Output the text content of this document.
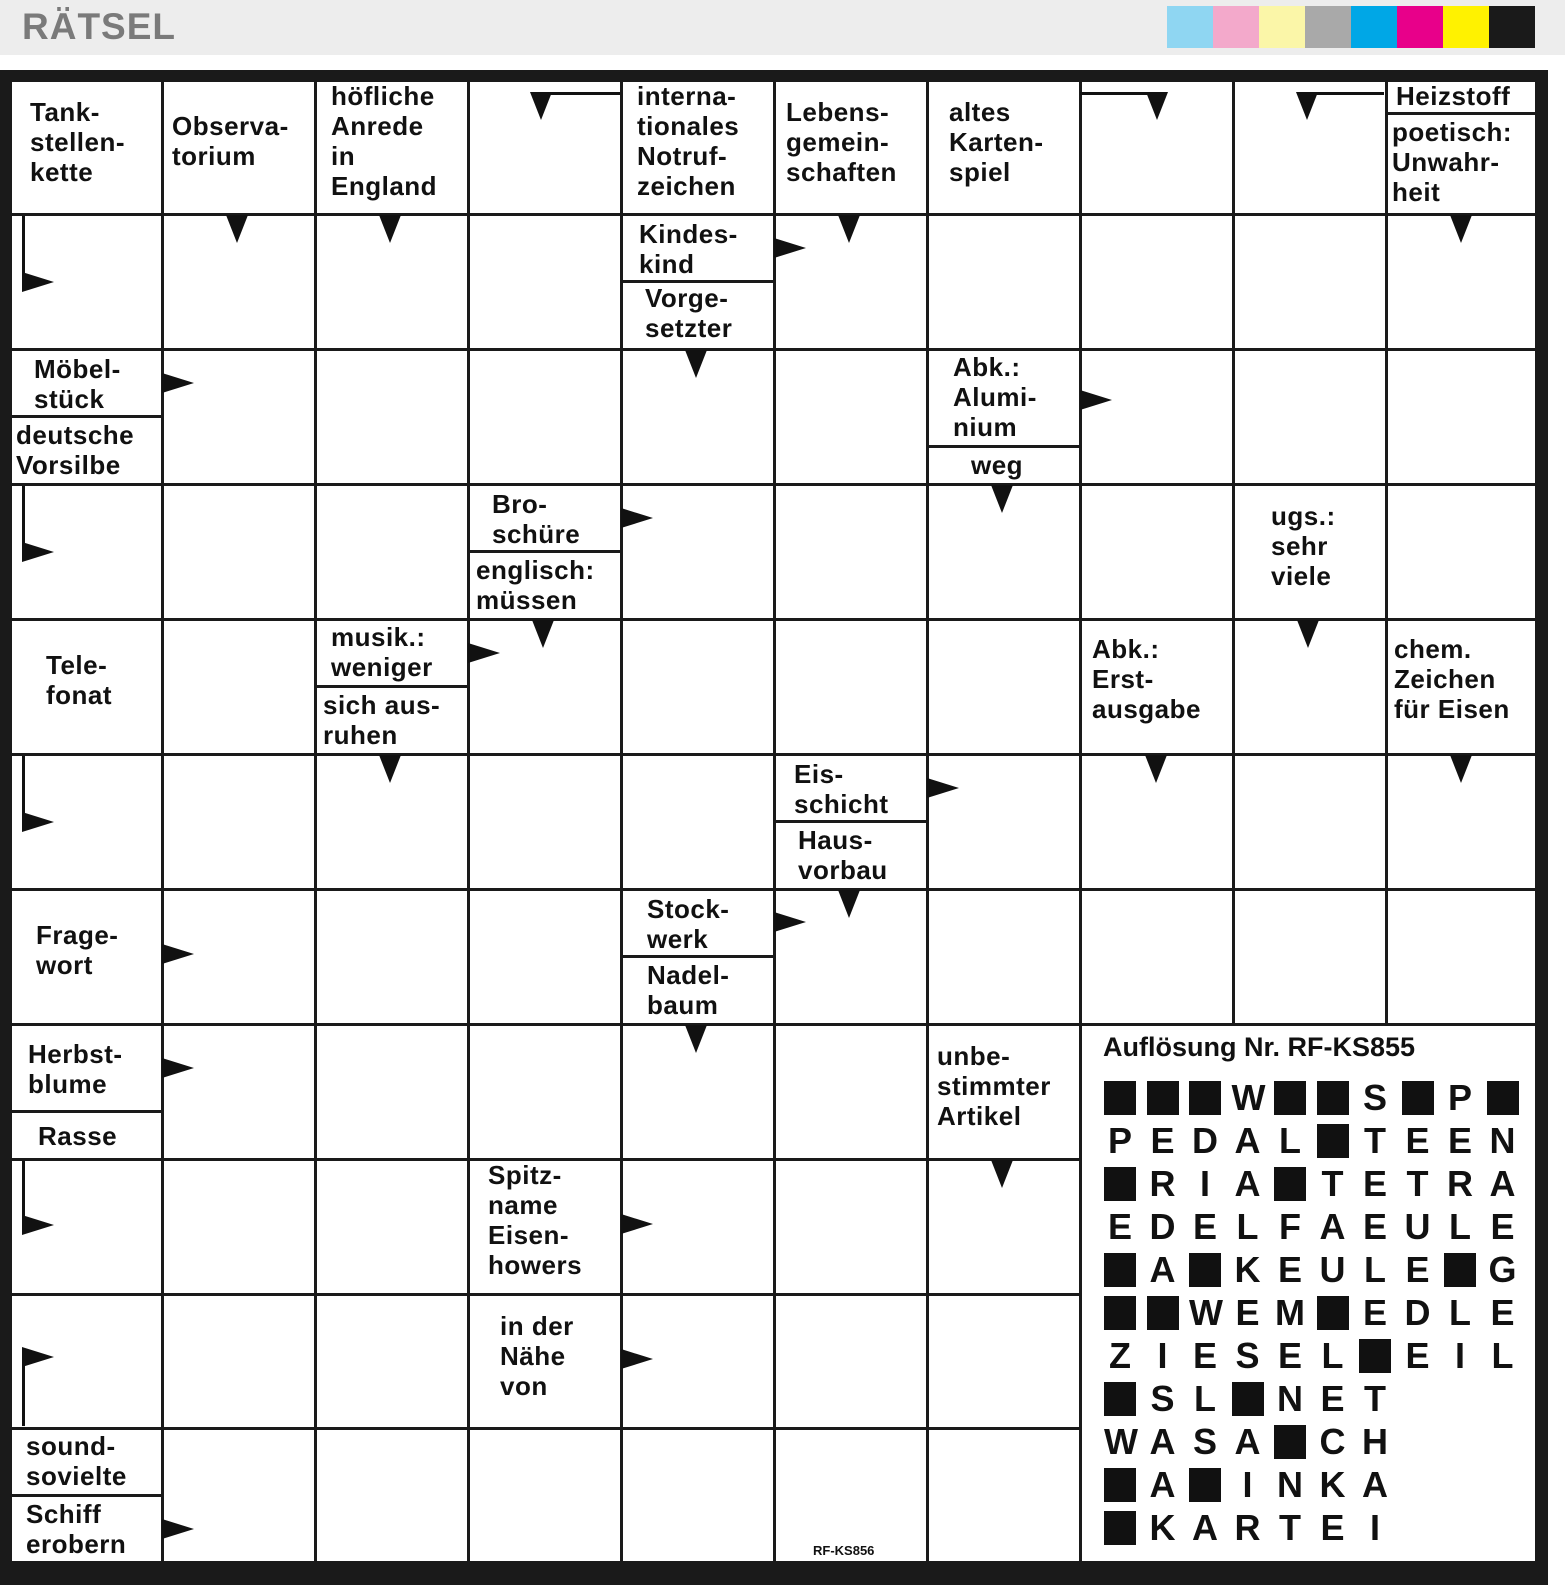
RÄTSEL
Tank-
stellen-
kette
Observa-
torium
höfliche
Anrede
in
England
interna-
tionales
Notruf-
zeichen
Lebens-
gemein-
schaften
altes
Karten-
spiel
Heizstoff
poetisch:
Unwahr-
heit
Kindes-
kind
Vorge-
setzter
Möbel-
stück
deutsche
Vorsilbe
Abk.:
Alumi-
nium
weg
Bro-
schüre
englisch:
müssen
ugs.:
sehr
viele
Tele-
fonat
musik.:
weniger
sich aus-
ruhen
Abk.:
Erst-
ausgabe
chem.
Zeichen
für Eisen
Eis-
schicht
Haus-
vorbau
Frage-
wort
Stock-
werk
Nadel-
baum
Herbst-
blume
Rasse
unbe-
stimmter
Artikel
Spitz-
name
Eisen-
howers
in der
Nähe
von
sound-
sovielte
Schiff
erobern
Auflösung Nr. RF-KS855
W	S P
P E D A L T E E N
R I A T E T R A
E D E L F A E U L E
A K E U L E G
W E M E D L E
Z I E S E L E I L
S L N E T
W A S A C H
A	I N K A
K A R T E I
RF-KS856
